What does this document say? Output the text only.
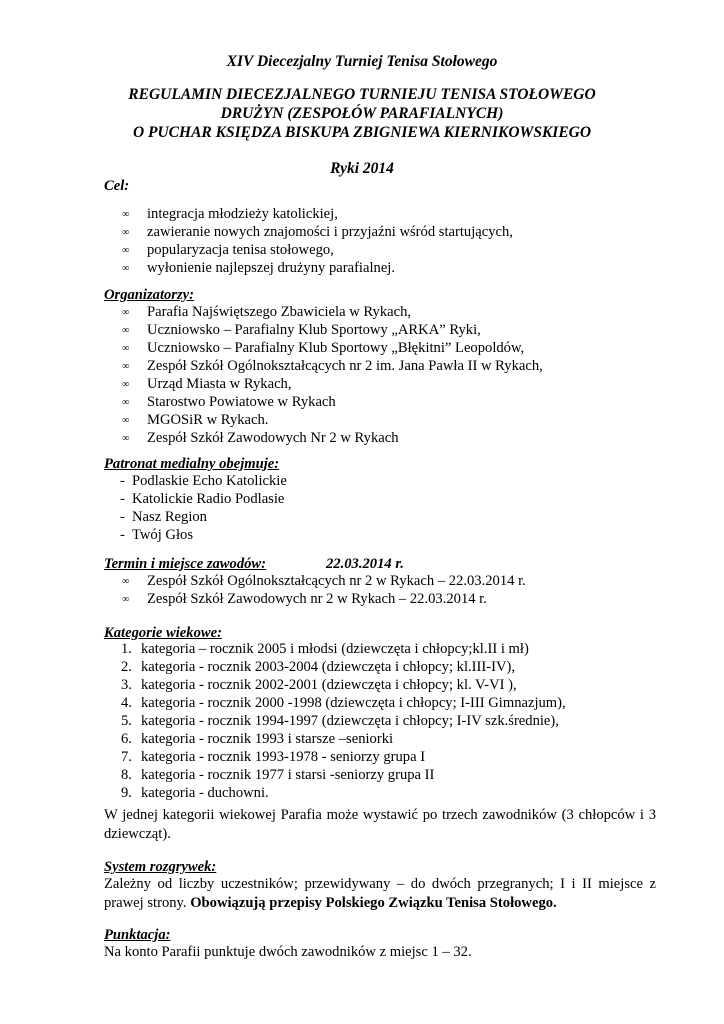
XIV Diecezjalny Turniej Tenisa Stołowego
REGULAMIN DIECEZJALNEGO TURNIEJU TENISA STOŁOWEGO
DRUŻYN (ZESPOŁÓW PARAFIALNYCH)
O PUCHAR KSIĘDZA BISKUPA ZBIGNIEWA KIERNIKOWSKIEGO
Ryki 2014
Cel:
∞ integracja młodzieży katolickiej,
∞ zawieranie nowych znajomości i przyjaźni wśród startujących,
∞ popularyzacja tenisa stołowego,
∞ wyłonienie najlepszej drużyny parafialnej.
Organizatorzy:
∞ Parafia Najświętszego Zbawiciela w Rykach,
∞ Uczniowsko – Parafialny Klub Sportowy „ARKA” Ryki,
∞ Uczniowsko – Parafialny Klub Sportowy „Błękitni” Leopoldów,
∞ Zespół Szkół Ogólnokształcących nr 2 im. Jana Pawła II w Rykach,
∞ Urząd Miasta w Rykach,
∞ Starostwo Powiatowe w Rykach
∞ MGOSiR w Rykach.
∞ Zespół Szkół Zawodowych Nr 2 w Rykach
Patronat medialny obejmuje:
- Podlaskie Echo Katolickie
- Katolickie Radio Podlasie
- Nasz Region
- Twój Głos
Termin i miejsce zawodów:	22.03.2014 r.
∞ Zespół Szkół Ogólnokształcących nr 2 w Rykach – 22.03.2014 r.
∞ Zespół Szkół Zawodowych nr 2 w Rykach – 22.03.2014 r.
Kategorie wiekowe:
1. kategoria – rocznik 2005 i młodsi (dziewczęta i chłopcy;kl.II i mł)
2. kategoria - rocznik 2003-2004 (dziewczęta i chłopcy; kl.III-IV),
3. kategoria - rocznik 2002-2001 (dziewczęta i chłopcy; kl. V-VI ),
4. kategoria - rocznik 2000 -1998 (dziewczęta i chłopcy; I-III Gimnazjum),
5. kategoria - rocznik 1994-1997 (dziewczęta i chłopcy; I-IV szk.średnie),
6. kategoria - rocznik 1993 i starsze –seniorki
7. kategoria - rocznik 1993-1978 - seniorzy grupa I
8. kategoria - rocznik 1977 i starsi -seniorzy grupa II
9. kategoria - duchowni.
W jednej kategorii wiekowej Parafia może wystawić po trzech zawodników (3 chłopców i 3 dziewcząt).
System rozgrywek:
Zależny od liczby uczestników; przewidywany – do dwóch przegranych; I i II miejsce z prawej strony. Obowiązują przepisy Polskiego Związku Tenisa Stołowego.
Punktacja:
Na konto Parafii punktuje dwóch zawodników z miejsc 1 – 32.
